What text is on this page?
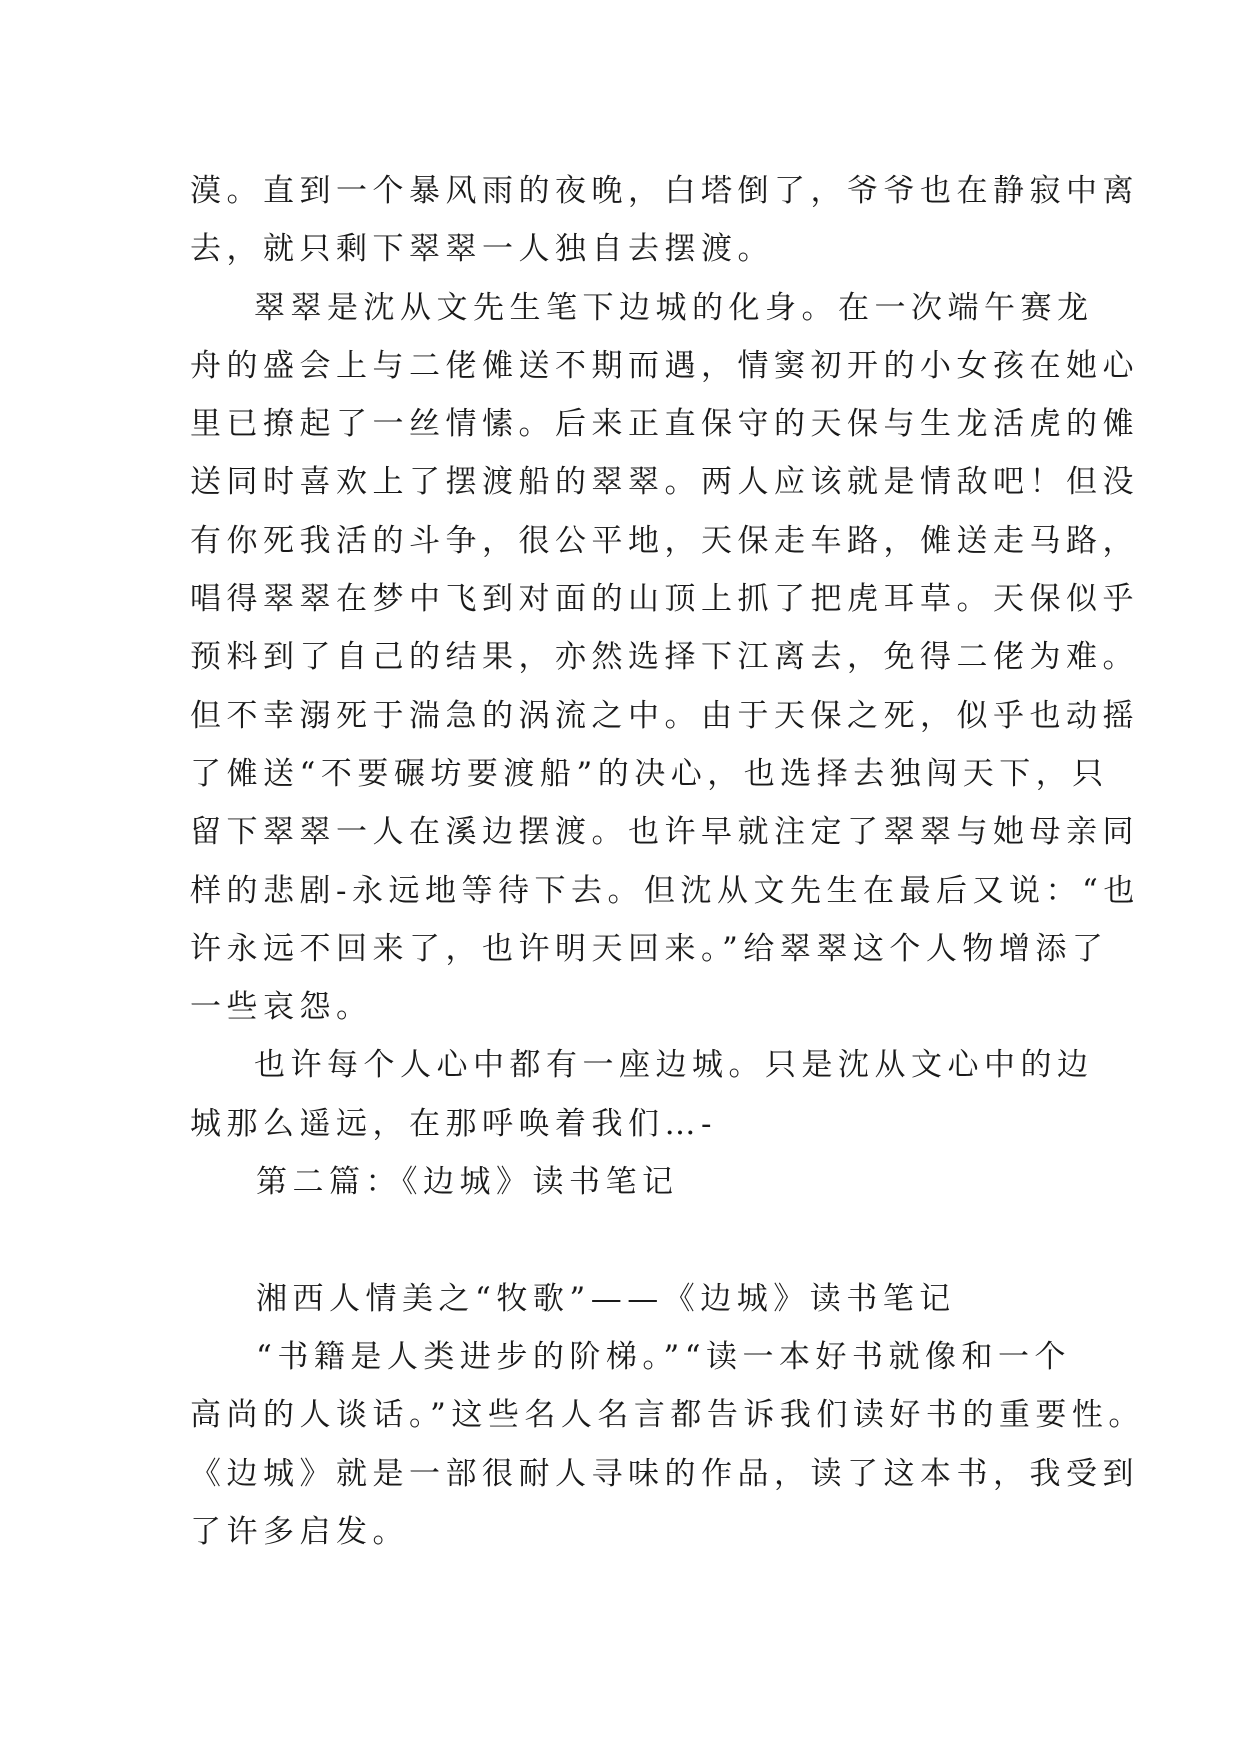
漠。直到一个暴风雨的夜晚，白塔倒了，爷爷也在静寂中离
去，就只剩下翠翠一人独自去摆渡。
翠翠是沈从文先生笔下边城的化身。在一次端午赛龙
舟的盛会上与二佬傩送不期而遇，情窦初开的小女孩在她心
里已撩起了一丝情愫。后来正直保守的天保与生龙活虎的傩
送同时喜欢上了摆渡船的翠翠。两人应该就是情敌吧！但没
有你死我活的斗争，很公平地，天保走车路，傩送走马路，
唱得翠翠在梦中飞到对面的山顶上抓了把虎耳草。天保似乎
预料到了自己的结果，亦然选择下江离去，免得二佬为难。
但不幸溺死于湍急的涡流之中。由于天保之死，似乎也动摇
了傩送“不要碾坊要渡船”的决心，也选择去独闯天下，只
留下翠翠一人在溪边摆渡。也许早就注定了翠翠与她母亲同
样的悲剧-永远地等待下去。但沈从文先生在最后又说：“也
许永远不回来了，也许明天回来。”给翠翠这个人物增添了
一些哀怨。
也许每个人心中都有一座边城。只是沈从文心中的边
城那么遥远，在那呼唤着我们…-
第二篇：《边城》读书笔记
湘西人情美之“牧歌”——《边城》读书笔记
“书籍是人类进步的阶梯。”“读一本好书就像和一个
高尚的人谈话。”这些名人名言都告诉我们读好书的重要性。
《边城》就是一部很耐人寻味的作品，读了这本书，我受到
了许多启发。
